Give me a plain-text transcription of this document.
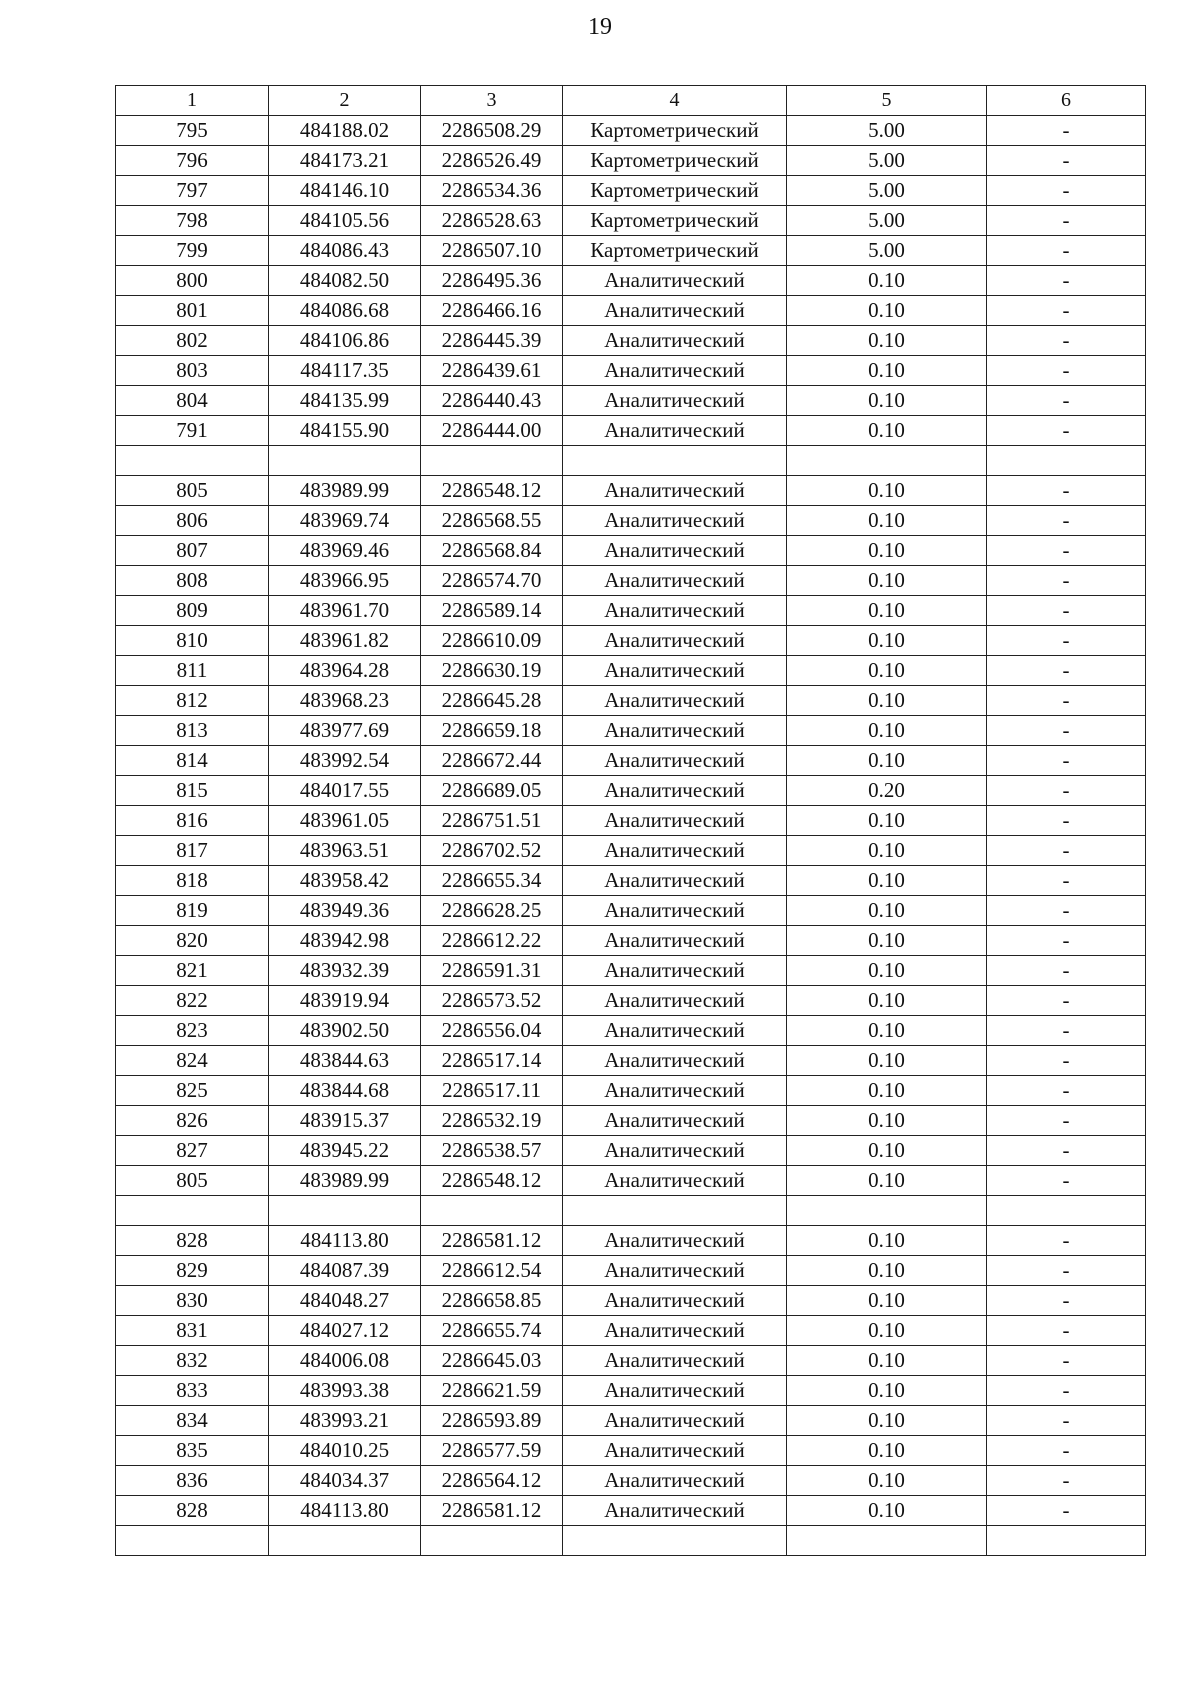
19
1	2	3	4	5	6
795	484188.02	2286508.29	Картометрический	5.00	-
796	484173.21	2286526.49	Картометрический	5.00	-
797	484146.10	2286534.36	Картометрический	5.00	-
798	484105.56	2286528.63	Картометрический	5.00	-
799	484086.43	2286507.10	Картометрический	5.00	-
800	484082.50	2286495.36	Аналитический	0.10	-
801	484086.68	2286466.16	Аналитический	0.10	-
802	484106.86	2286445.39	Аналитический	0.10	-
803	484117.35	2286439.61	Аналитический	0.10	-
804	484135.99	2286440.43	Аналитический	0.10	-
791	484155.90	2286444.00	Аналитический	0.10	-

805	483989.99	2286548.12	Аналитический	0.10	-
806	483969.74	2286568.55	Аналитический	0.10	-
807	483969.46	2286568.84	Аналитический	0.10	-
808	483966.95	2286574.70	Аналитический	0.10	-
809	483961.70	2286589.14	Аналитический	0.10	-
810	483961.82	2286610.09	Аналитический	0.10	-
811	483964.28	2286630.19	Аналитический	0.10	-
812	483968.23	2286645.28	Аналитический	0.10	-
813	483977.69	2286659.18	Аналитический	0.10	-
814	483992.54	2286672.44	Аналитический	0.10	-
815	484017.55	2286689.05	Аналитический	0.20	-
816	483961.05	2286751.51	Аналитический	0.10	-
817	483963.51	2286702.52	Аналитический	0.10	-
818	483958.42	2286655.34	Аналитический	0.10	-
819	483949.36	2286628.25	Аналитический	0.10	-
820	483942.98	2286612.22	Аналитический	0.10	-
821	483932.39	2286591.31	Аналитический	0.10	-
822	483919.94	2286573.52	Аналитический	0.10	-
823	483902.50	2286556.04	Аналитический	0.10	-
824	483844.63	2286517.14	Аналитический	0.10	-
825	483844.68	2286517.11	Аналитический	0.10	-
826	483915.37	2286532.19	Аналитический	0.10	-
827	483945.22	2286538.57	Аналитический	0.10	-
805	483989.99	2286548.12	Аналитический	0.10	-

828	484113.80	2286581.12	Аналитический	0.10	-
829	484087.39	2286612.54	Аналитический	0.10	-
830	484048.27	2286658.85	Аналитический	0.10	-
831	484027.12	2286655.74	Аналитический	0.10	-
832	484006.08	2286645.03	Аналитический	0.10	-
833	483993.38	2286621.59	Аналитический	0.10	-
834	483993.21	2286593.89	Аналитический	0.10	-
835	484010.25	2286577.59	Аналитический	0.10	-
836	484034.37	2286564.12	Аналитический	0.10	-
828	484113.80	2286581.12	Аналитический	0.10	-
